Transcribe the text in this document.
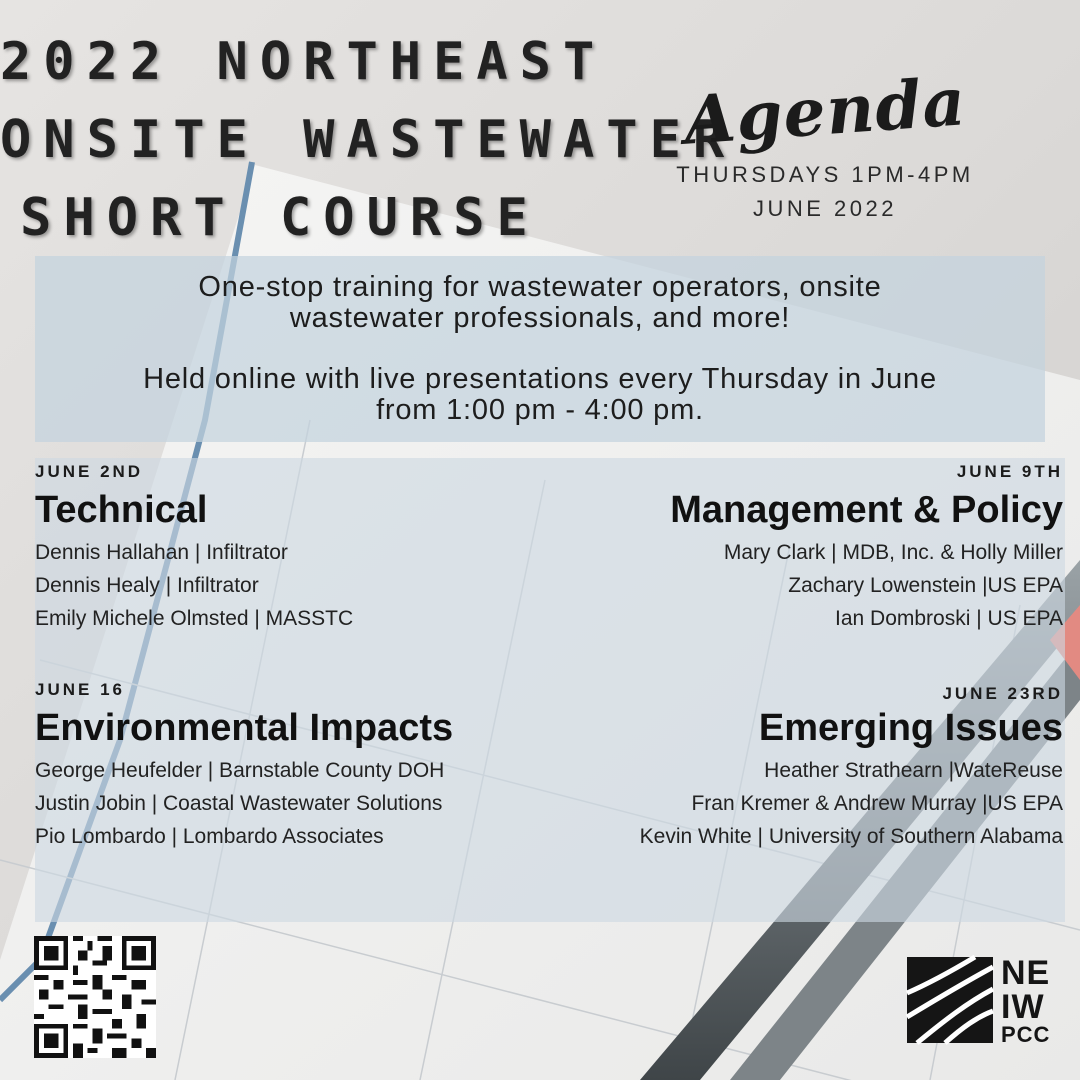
2022 NORTHEAST
ONSITE WASTEWATER
SHORT COURSE
Agenda
THURSDAYS 1PM-4PM
JUNE 2022

One-stop training for wastewater operators, onsite wastewater professionals, and more!

Held online with live presentations every Thursday in June from 1:00 pm - 4:00 pm.

JUNE 2ND
Technical
Dennis Hallahan | Infiltrator
Dennis Healy | Infiltrator
Emily Michele Olmsted | MASSTC
JUNE 9TH
Management & Policy
Mary Clark | MDB, Inc. & Holly Miller
Zachary Lowenstein |US EPA
Ian Dombroski | US EPA
JUNE 16
Environmental Impacts
George Heufelder | Barnstable County DOH
Justin Jobin | Coastal Wastewater Solutions
Pio Lombardo | Lombardo Associates
JUNE 23RD
Emerging Issues
Heather Strathearn |WateReuse
Fran Kremer & Andrew Murray |US EPA
Kevin White | University of Southern Alabama
NE
IW
PCC
